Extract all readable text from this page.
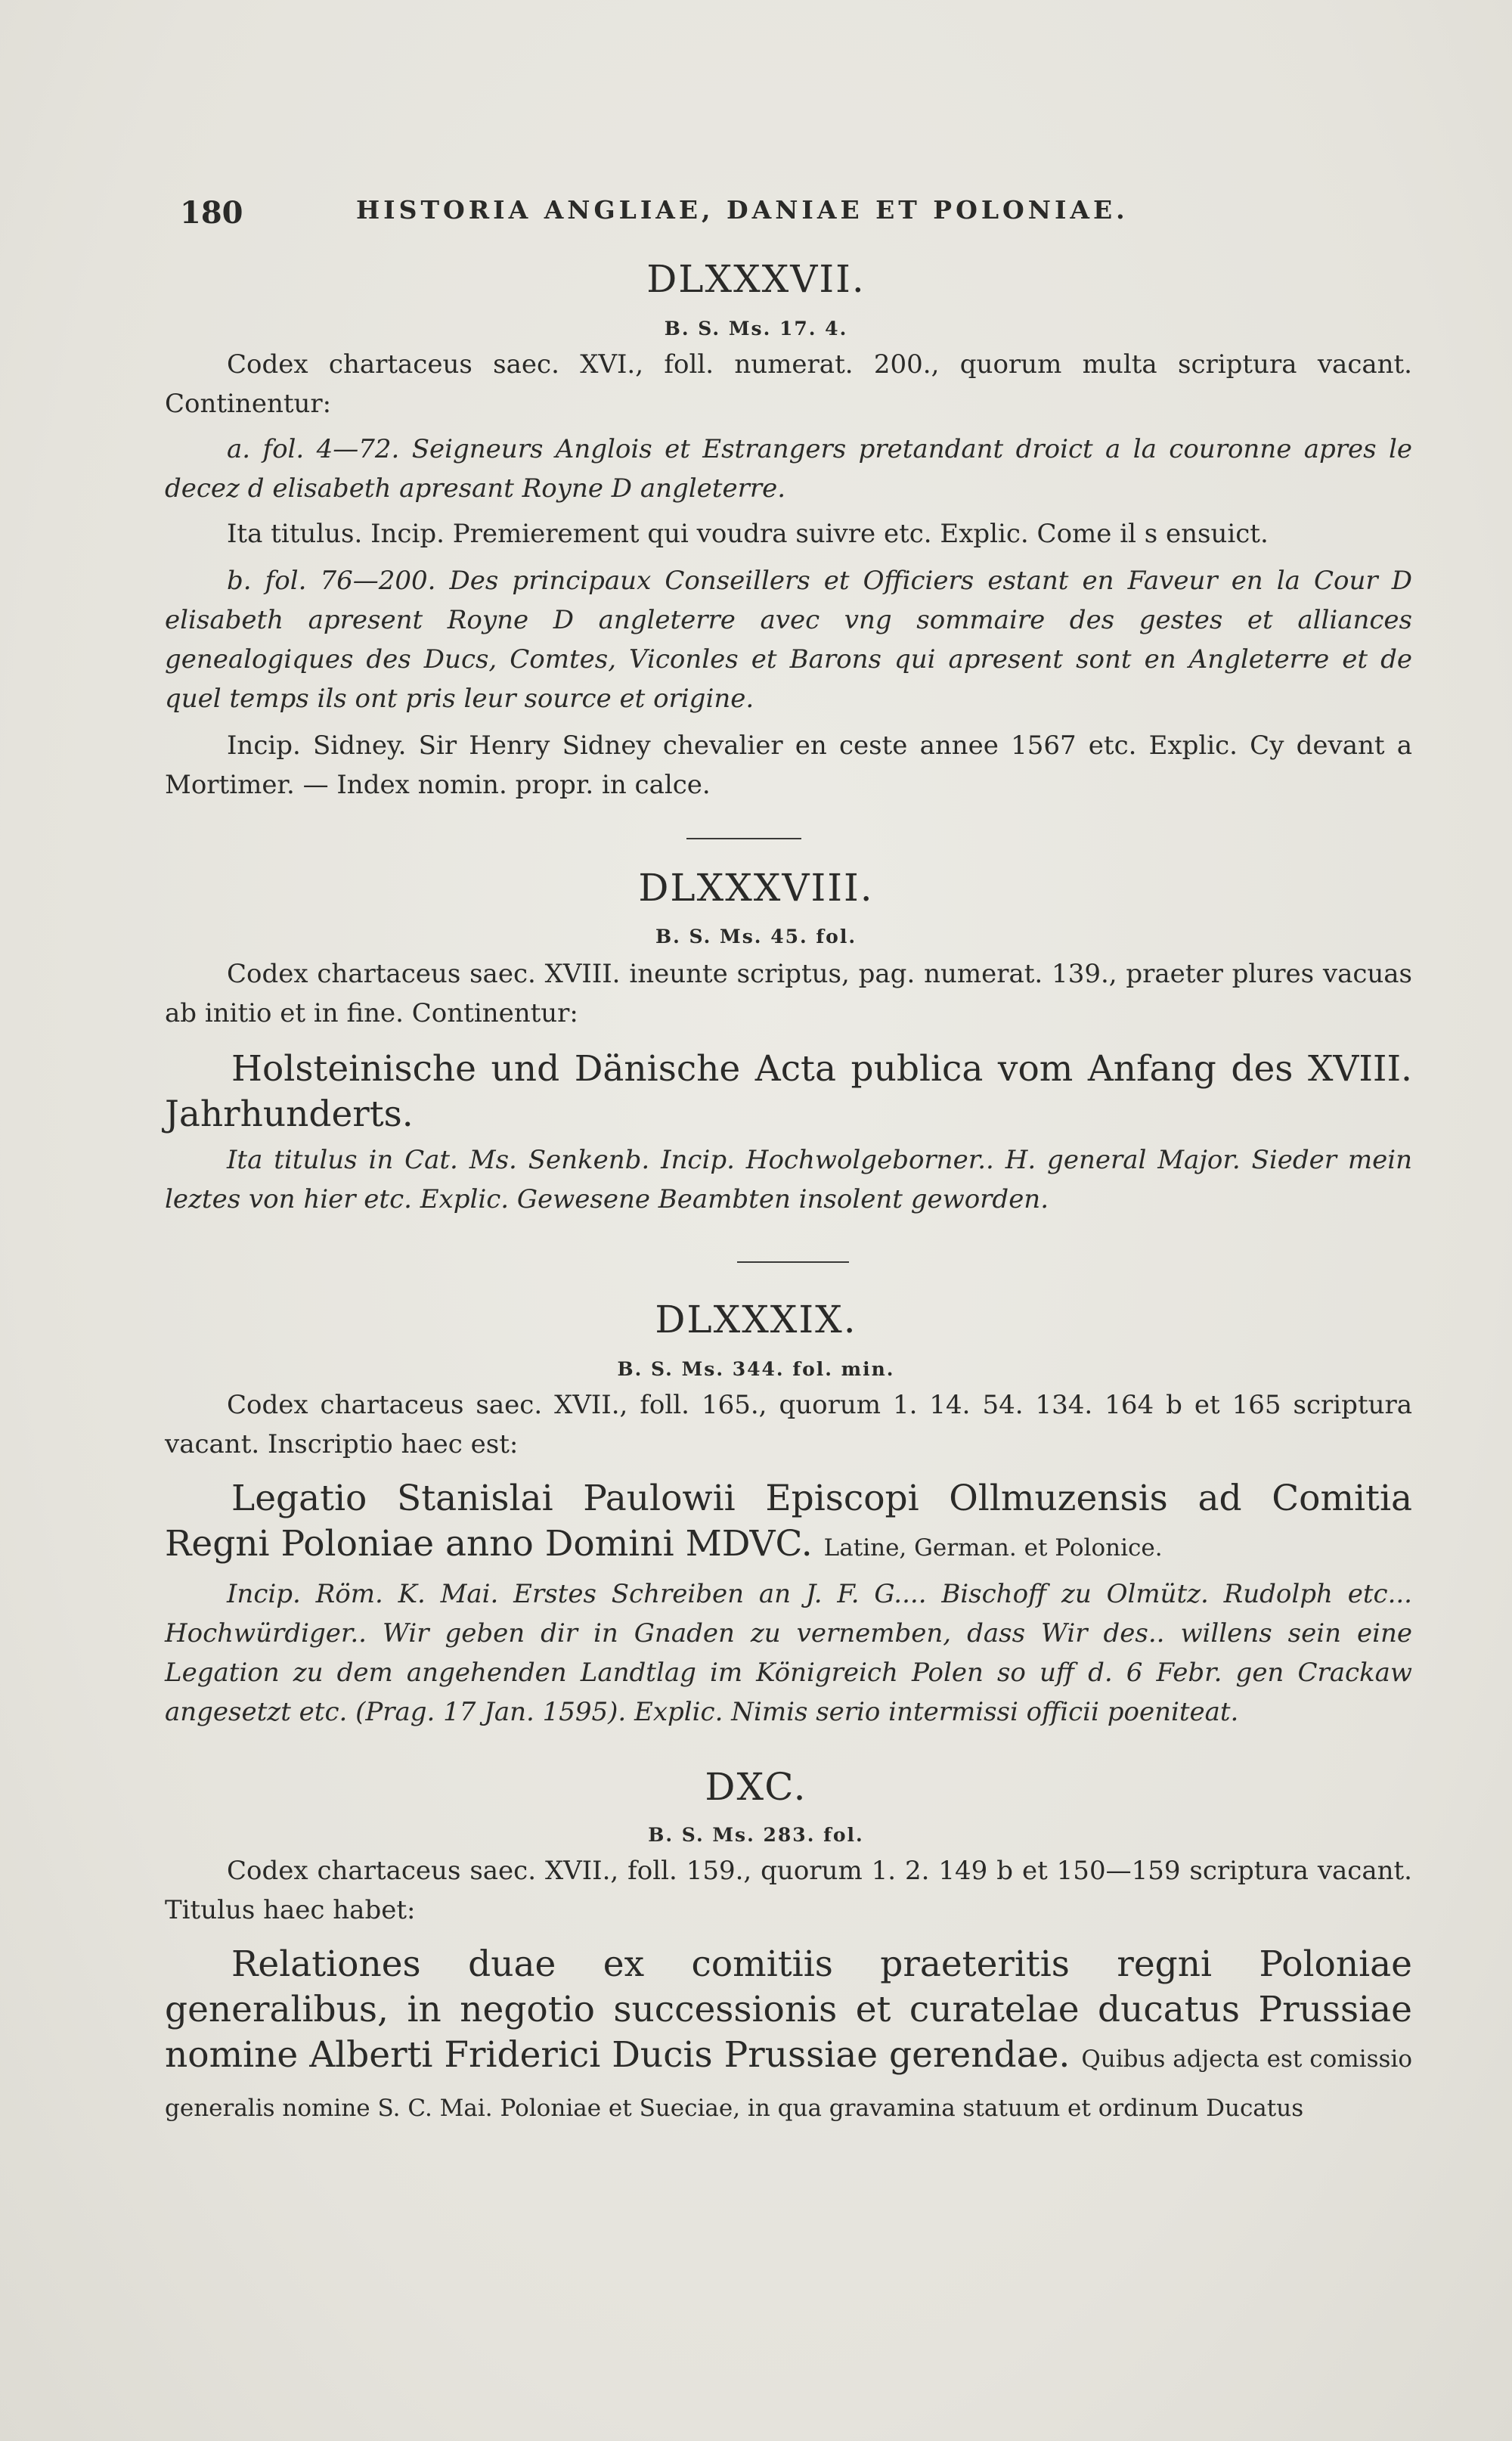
180	HISTORIA ANGLIAE, DANIAE ET POLONIAE.
DLXXXVII.
B. S. Ms. 17. 4.
Codex chartaceus saec. XVI., foll. numerat. 200., quorum multa scriptura vacant. Continentur:
a. fol. 4—72. Seigneurs Anglois et Estrangers pretandant droict a la couronne apres le decez d elisabeth apresant Royne D angleterre.
Ita titulus. Incip. Premierement qui voudra suivre etc. Explic. Come il s ensuict.
b. fol. 76—200. Des principaux Conseillers et Officiers estant en Faveur en la Cour D elisabeth apresent Royne D angleterre avec vng sommaire des gestes et alliances genealogiques des Ducs, Comtes, Viconles et Barons qui apresent sont en Angleterre et de quel temps ils ont pris leur source et origine.
Incip. Sidney. Sir Henry Sidney chevalier en ceste annee 1567 etc. Explic. Cy devant a Mortimer. — Index nomin. propr. in calce.
DLXXXVIII.
B. S. Ms. 45. fol.
Codex chartaceus saec. XVIII. ineunte scriptus, pag. numerat. 139., praeter plures vacuas ab initio et in fine. Continentur:
Holsteinische und Dänische Acta publica vom Anfang des XVIII. Jahrhunderts.
Ita titulus in Cat. Ms. Senkenb. Incip. Hochwolgeborner.. H. general Major. Sieder mein leztes von hier etc. Explic. Gewesene Beambten insolent geworden.
DLXXXIX.
B. S. Ms. 344. fol. min.
Codex chartaceus saec. XVII., foll. 165., quorum 1. 14. 54. 134. 164 b et 165 scriptura vacant. Inscriptio haec est:
Legatio Stanislai Paulowii Episcopi Ollmuzensis ad Comitia Regni Poloniae anno Domini MDVC. Latine, German. et Polonice.
Incip. Röm. K. Mai. Erstes Schreiben an J. F. G.... Bischoff zu Olmütz. Rudolph etc... Hochwürdiger.. Wir geben dir in Gnaden zu vernemben, dass Wir des.. willens sein eine Legation zu dem angehenden Landtlag im Königreich Polen so uff d. 6 Febr. gen Crackaw angesetzt etc. (Prag. 17 Jan. 1595). Explic. Nimis serio intermissi officii poeniteat.
DXC.
B. S. Ms. 283. fol.
Codex chartaceus saec. XVII., foll. 159., quorum 1. 2. 149 b et 150—159 scriptura vacant. Titulus haec habet:
Relationes duae ex comitiis praeteritis regni Poloniae generalibus, in negotio successionis et curatelae ducatus Prussiae nomine Alberti Friderici Ducis Prussiae gerendae. Quibus adjecta est comissio generalis nomine S. C. Mai. Poloniae et Sueciae, in qua gravamina statuum et ordinum Ducatus
